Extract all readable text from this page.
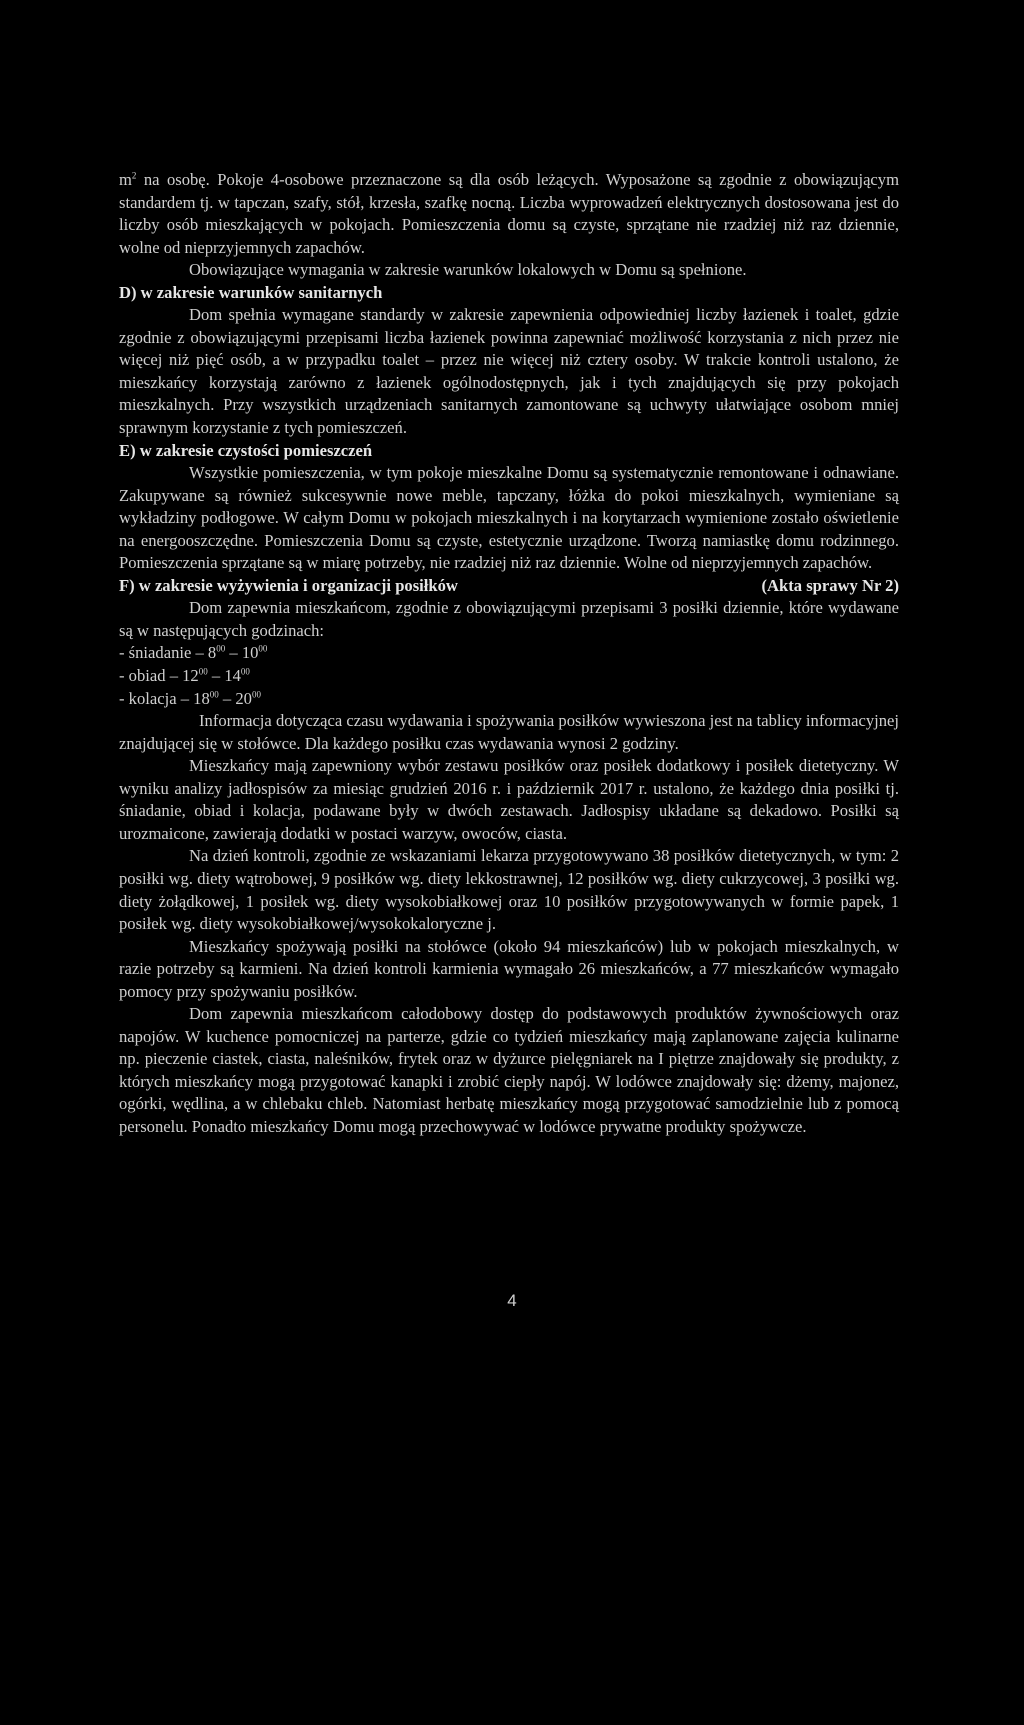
$m^2$ na osobę. Pokoje 4-osobowe przeznaczone są dla osób leżących. Wyposażone są zgodnie z obowiązującym standardem tj. w tapczan, szafy, stół, krzesła, szafkę nocną. Liczba wyprowadzeń elektrycznych dostosowana jest do liczby osób mieszkających w pokojach. Pomieszczenia domu są czyste, sprzątane nie rzadziej niż raz dziennie, wolne od nieprzyjemnych zapachów.

Obowiązujące wymagania w zakresie warunków lokalowych w Domu są spełnione.

D) w zakresie warunków sanitarnych

Dom spełnia wymagane standardy w zakresie zapewnienia odpowiedniej liczby łazienek i toalet, gdzie zgodnie z obowiązującymi przepisami liczba łazienek powinna zapewniać możliwość korzystania z nich przez nie więcej niż pięć osób, a w przypadku toalet – przez nie więcej niż cztery osoby. W trakcie kontroli ustalono, że mieszkańcy korzystają zarówno z łazienek ogólnodostępnych, jak i tych znajdujących się przy pokojach mieszkalnych. Przy wszystkich urządzeniach sanitarnych zamontowane są uchwyty ułatwiające osobom mniej sprawnym korzystanie z tych pomieszczeń.

E) w zakresie czystości pomieszczeń

Wszystkie pomieszczenia, w tym pokoje mieszkalne Domu są systematycznie remontowane i odnawiane. Zakupywane są również sukcesywnie nowe meble, tapczany, łóżka do pokoi mieszkalnych, wymieniane są wykładziny podłogowe. W całym Domu w pokojach mieszkalnych i na korytarzach wymienione zostało oświetlenie na energooszczędne. Pomieszczenia Domu są czyste, estetycznie urządzone. Tworzą namiastkę domu rodzinnego. Pomieszczenia sprzątane są w miarę potrzeby, nie rzadziej niż raz dziennie. Wolne od nieprzyjemnych zapachów.

F) w zakresie wyżywienia i organizacji posiłków	(Akta sprawy Nr 2)

Dom zapewnia mieszkańcom, zgodnie z obowiązującymi przepisami 3 posiłki dziennie, które wydawane są w następujących godzinach:

- śniadanie – $8^{00} - 10^{00}$

- obiad – $12^{00} - 14^{00}$

- kolacja – $18^{00} - 20^{00}$

Informacja dotycząca czasu wydawania i spożywania posiłków wywieszona jest na tablicy informacyjnej znajdującej się w stołówce. Dla każdego posiłku czas wydawania wynosi 2 godziny.

Mieszkańcy mają zapewniony wybór zestawu posiłków oraz posiłek dodatkowy i posiłek dietetyczny. W wyniku analizy jadłospisów za miesiąc grudzień 2016 r. i październik 2017 r. ustalono, że każdego dnia posiłki tj. śniadanie, obiad i kolacja, podawane były w dwóch zestawach. Jadłospisy układane są dekadowo. Posiłki są urozmaicone, zawierają dodatki w postaci warzyw, owoców, ciasta.

Na dzień kontroli, zgodnie ze wskazaniami lekarza przygotowywano 38 posiłków dietetycznych, w tym: 2 posiłki wg. diety wątrobowej, 9 posiłków wg. diety lekkostrawnej, 12 posiłków wg. diety cukrzycowej, 3 posiłki wg. diety żołądkowej, 1 posiłek wg. diety wysokobiałkowej oraz 10 posiłków przygotowywanych w formie papek, 1 posiłek wg. diety wysokobiałkowej/wysokokaloryczne j.

Mieszkańcy spożywają posiłki na stołówce (około 94 mieszkańców) lub w pokojach mieszkalnych, w razie potrzeby są karmieni. Na dzień kontroli karmienia wymagało 26 mieszkańców, a 77 mieszkańców wymagało pomocy przy spożywaniu posiłków.

Dom zapewnia mieszkańcom całodobowy dostęp do podstawowych produktów żywnościowych oraz napojów. W kuchence pomocniczej na parterze, gdzie co tydzień mieszkańcy mają zaplanowane zajęcia kulinarne np. pieczenie ciastek, ciasta, naleśników, frytek oraz w dyżurce pielęgniarek na I piętrze znajdowały się produkty, z których mieszkańcy mogą przygotować kanapki i zrobić ciepły napój. W lodówce znajdowały się: dżemy, majonez, ogórki, wędlina, a w chlebaku chleb. Natomiast herbatę mieszkańcy mogą przygotować samodzielnie lub z pomocą personelu. Ponadto mieszkańcy Domu mogą przechowywać w lodówce prywatne produkty spożywcze.

4
